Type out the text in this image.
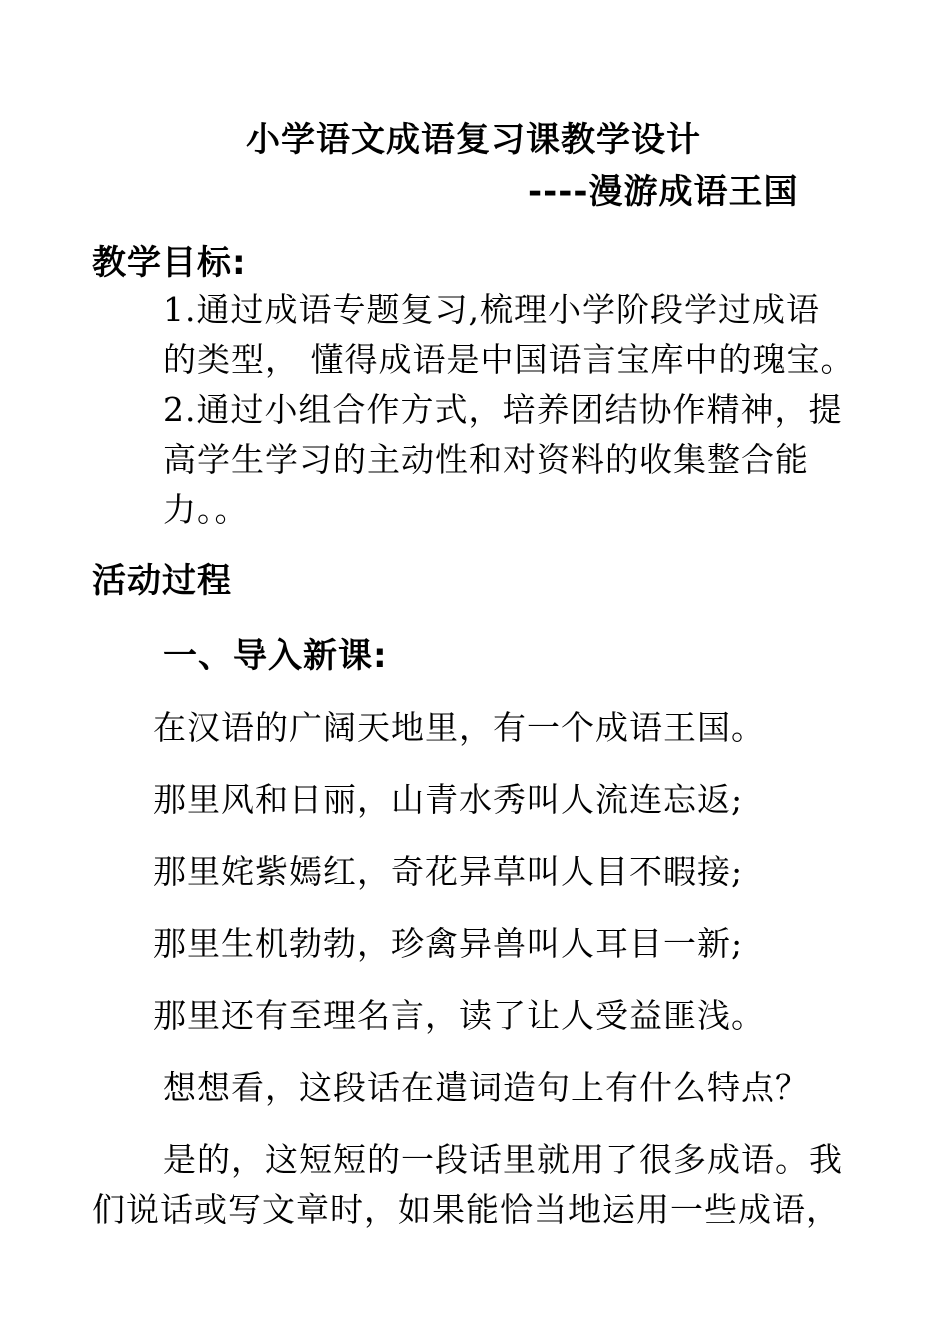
小学语文成语复习课教学设计
----漫游成语王国
教学目标:
1.通过成语专题复习,梳理小学阶段学过成语
的类型， 懂得成语是中国语言宝库中的瑰宝。
2.通过小组合作方式，培养团结协作精神，提
高学生学习的主动性和对资料的收集整合能
力。。
活动过程
一、导入新课:
在汉语的广阔天地里，有一个成语王国。
那里风和日丽，山青水秀叫人流连忘返;
那里姹紫嫣红，奇花异草叫人目不暇接;
那里生机勃勃，珍禽异兽叫人耳目一新;
那里还有至理名言，读了让人受益匪浅。
想想看，这段话在遣词造句上有什么特点？
是的，这短短的一段话里就用了很多成语。我
们说话或写文章时，如果能恰当地运用一些成语，
